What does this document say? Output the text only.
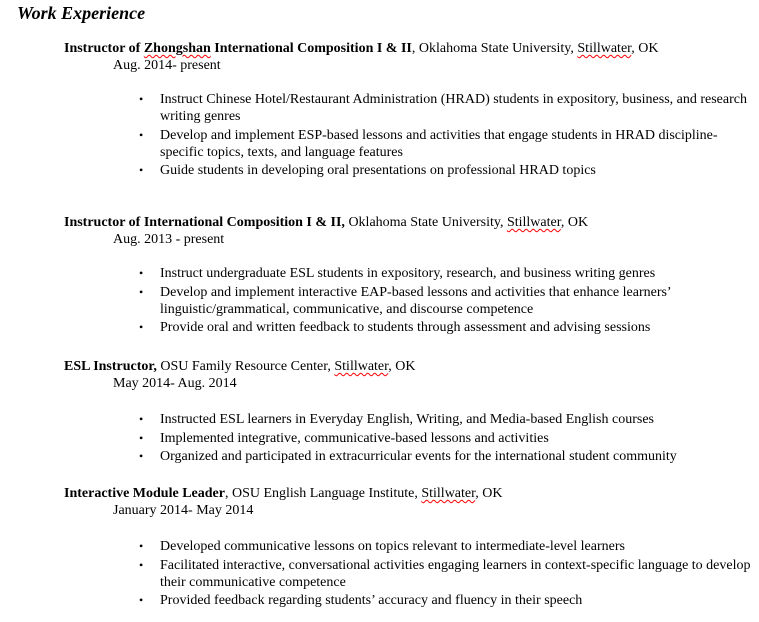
Work Experience
Instructor of Zhongshan International Composition I & II, Oklahoma State University, Stillwater, OK
Aug. 2014- present
• Instruct Chinese Hotel/Restaurant Administration (HRAD) students in expository, business, and research writing genres
• Develop and implement ESP-based lessons and activities that engage students in HRAD discipline-specific topics, texts, and language features
• Guide students in developing oral presentations on professional HRAD topics
Instructor of International Composition I & II, Oklahoma State University, Stillwater, OK
Aug. 2013 - present
• Instruct undergraduate ESL students in expository, research, and business writing genres
• Develop and implement interactive EAP-based lessons and activities that enhance learners’ linguistic/grammatical, communicative, and discourse competence
• Provide oral and written feedback to students through assessment and advising sessions
ESL Instructor, OSU Family Resource Center, Stillwater, OK
May 2014- Aug. 2014
• Instructed ESL learners in Everyday English, Writing, and Media-based English courses
• Implemented integrative, communicative-based lessons and activities
• Organized and participated in extracurricular events for the international student community
Interactive Module Leader, OSU English Language Institute, Stillwater, OK
January 2014- May 2014
• Developed communicative lessons on topics relevant to intermediate-level learners
• Facilitated interactive, conversational activities engaging learners in context-specific language to develop their communicative competence
• Provided feedback regarding students’ accuracy and fluency in their speech
